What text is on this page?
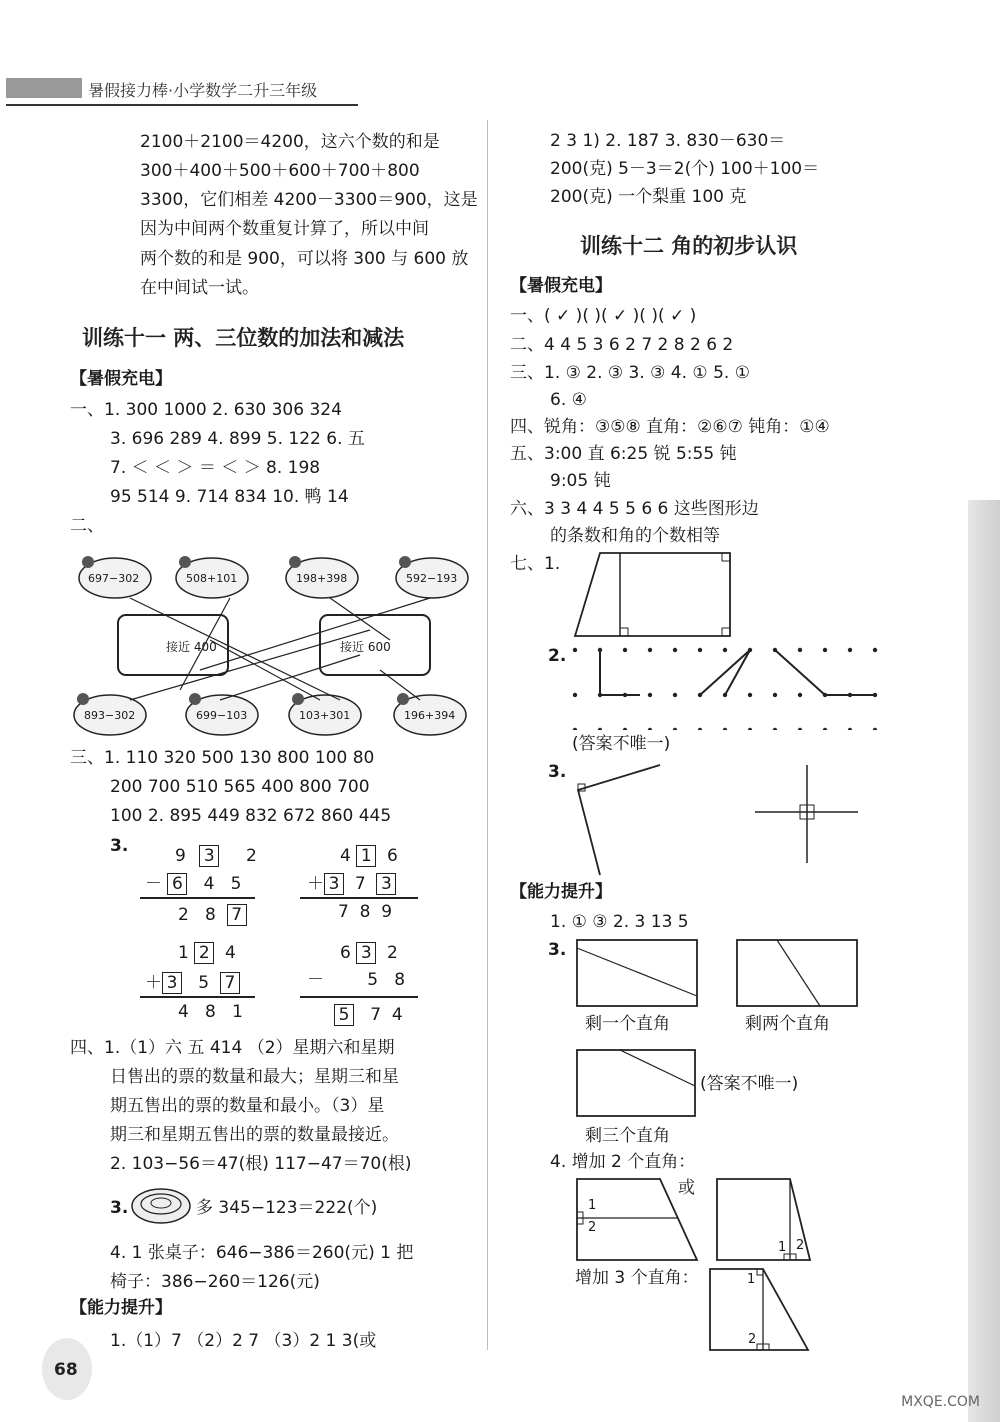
暑假接力棒·小学数学二升三年级
2100＋2100＝4200，这六个数的和是
300＋400＋500＋600＋700＋800
3300，它们相差 4200－3300＝900，这是
因为中间两个数重复计算了，所以中间
两个数的和是 900，可以将 300 与 600 放
在中间试一试。
训练十一 两、三位数的加法和减法
【暑假充电】
一、1. 300 1000 2. 630 306 324
3. 696 289 4. 899 5. 122 6. 五
7. ＜ ＜ ＞ ＝ ＜ ＞ 8. 198
95 514 9. 714 834 10. 鸭 14
二、
697−302	508+101	198+398	592−193
接近 400	接近 600
893−302	699−103	103+301	196+394
三、1. 110 320 500 130 800 100 80
200 700 510 565 400 800 700
100 2. 895 449 832 672 860 445
3.	9 3 2
－ 6 4 5
2 8 7
4 1 6
＋ 3 7 3
7 8 9
1 2 4
＋ 3 5 7
4 8 1
6 3 2
－	5 8
5 7 4
四、1.（1）六 五 414 （2）星期六和星期
日售出的票的数量和最大；星期三和星
期五售出的票的数量和最小。（3）星
期三和星期五售出的票的数量最接近。
2. 103−56＝47(根) 117−47＝70(根)
3.	多 345−123＝222(个)
4. 1 张桌子：646−386＝260(元) 1 把
椅子：386−260＝126(元)
【能力提升】
1.（1）7 （2）2 7 （3）2 1 3(或
2 3 1) 2. 187 3. 830－630＝
200(克) 5－3＝2(个) 100＋100＝
200(克) 一个梨重 100 克
训练十二 角的初步认识
【暑假充电】
一、( ✓ )( )( ✓ )( )( ✓ )
二、4 4 5 3 6 2 7 2 8 2 6 2
三、1. ③ 2. ③ 3. ③ 4. ① 5. ①
6. ④
四、锐角：③⑤⑧ 直角：②⑥⑦ 钝角：①④
五、3:00 直 6:25 锐 5:55 钝
9:05 钝
六、3 3 4 4 5 5 6 6 这些图形边
的条数和角的个数相等
七、1.
2.
(答案不唯一)
3.
【能力提升】
1. ① ③ 2. 3 13 5
3.
剩一个直角	剩两个直角
(答案不唯一)
剩三个直角
4. 增加 2 个直角：
或
1
2
1 2
增加 3 个直角：	1
2
68
MXQE.COM
